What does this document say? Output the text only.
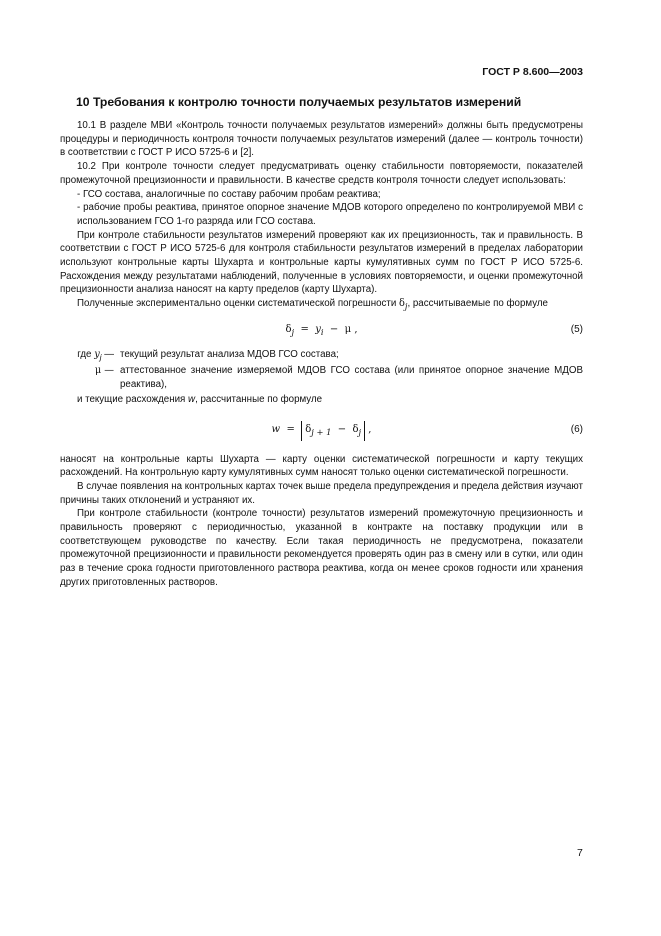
ГОСТ Р 8.600—2003
10 Требования к контролю точности получаемых результатов измерений

10.1 В разделе МВИ «Контроль точности получаемых результатов измерений» должны быть предусмотрены процедуры и периодичность контроля точности получаемых результатов измерений (далее — контроль точности) в соответствии с ГОСТ Р ИСО 5725-6 и [2].

10.2 При контроле точности следует предусматривать оценку стабильности повторяемости, показателей промежуточной прецизионности и правильности. В качестве средств контроля точности следует использовать:

- ГСО состава, аналогичные по составу рабочим пробам реактива;

- рабочие пробы реактива, принятое опорное значение МДОВ которого определено по контролируемой МВИ с использованием ГСО 1-го разряда или ГСО состава.

При контроле стабильности результатов измерений проверяют как их прецизионность, так и правильность. В соответствии с ГОСТ Р ИСО 5725-6 для контроля стабильности результатов измерений в пределах лаборатории используют контрольные карты Шухарта и контрольные карты кумулятивных сумм по ГОСТ Р ИСО 5725-6. Расхождения между результатами наблюдений, полученные в условиях повторяемости, и оценки промежуточной прецизионности анализа наносят на карту пределов (карту Шухарта).

Полученные экспериментально оценки систематической погрешности $\delta_j$, рассчитываемые по формуле

$\delta_j = y_i - \mu$ ,	(5)
где $y_j$ — текущий результат анализа МДОВ ГСО состава;
μ — аттестованное значение измеряемой МДОВ ГСО состава (или принятое опорное значение МДОВ реактива),

и текущие расхождения w, рассчитанные по формуле

$w = \delta_{j + 1} - \delta_j$ ,	(6)

наносят на контрольные карты Шухарта — карту оценки систематической погрешности и карту текущих расхождений. На контрольную карту кумулятивных сумм наносят только оценки систематической погрешности.

В случае появления на контрольных картах точек выше предела предупреждения и предела действия изучают причины таких отклонений и устраняют их.

При контроле стабильности (контроле точности) результатов измерений промежуточную прецизионность и правильность проверяют с периодичностью, указанной в контракте на поставку продукции или в соответствующем руководстве по качеству. Если такая периодичность не предусмотрена, показатели промежуточной прецизионности и правильности рекомендуется проверять один раз в смену или в сутки, или один раз в течение срока годности приготовленного раствора реактива, когда он менее сроков годности или хранения других приготовленных растворов.

7
